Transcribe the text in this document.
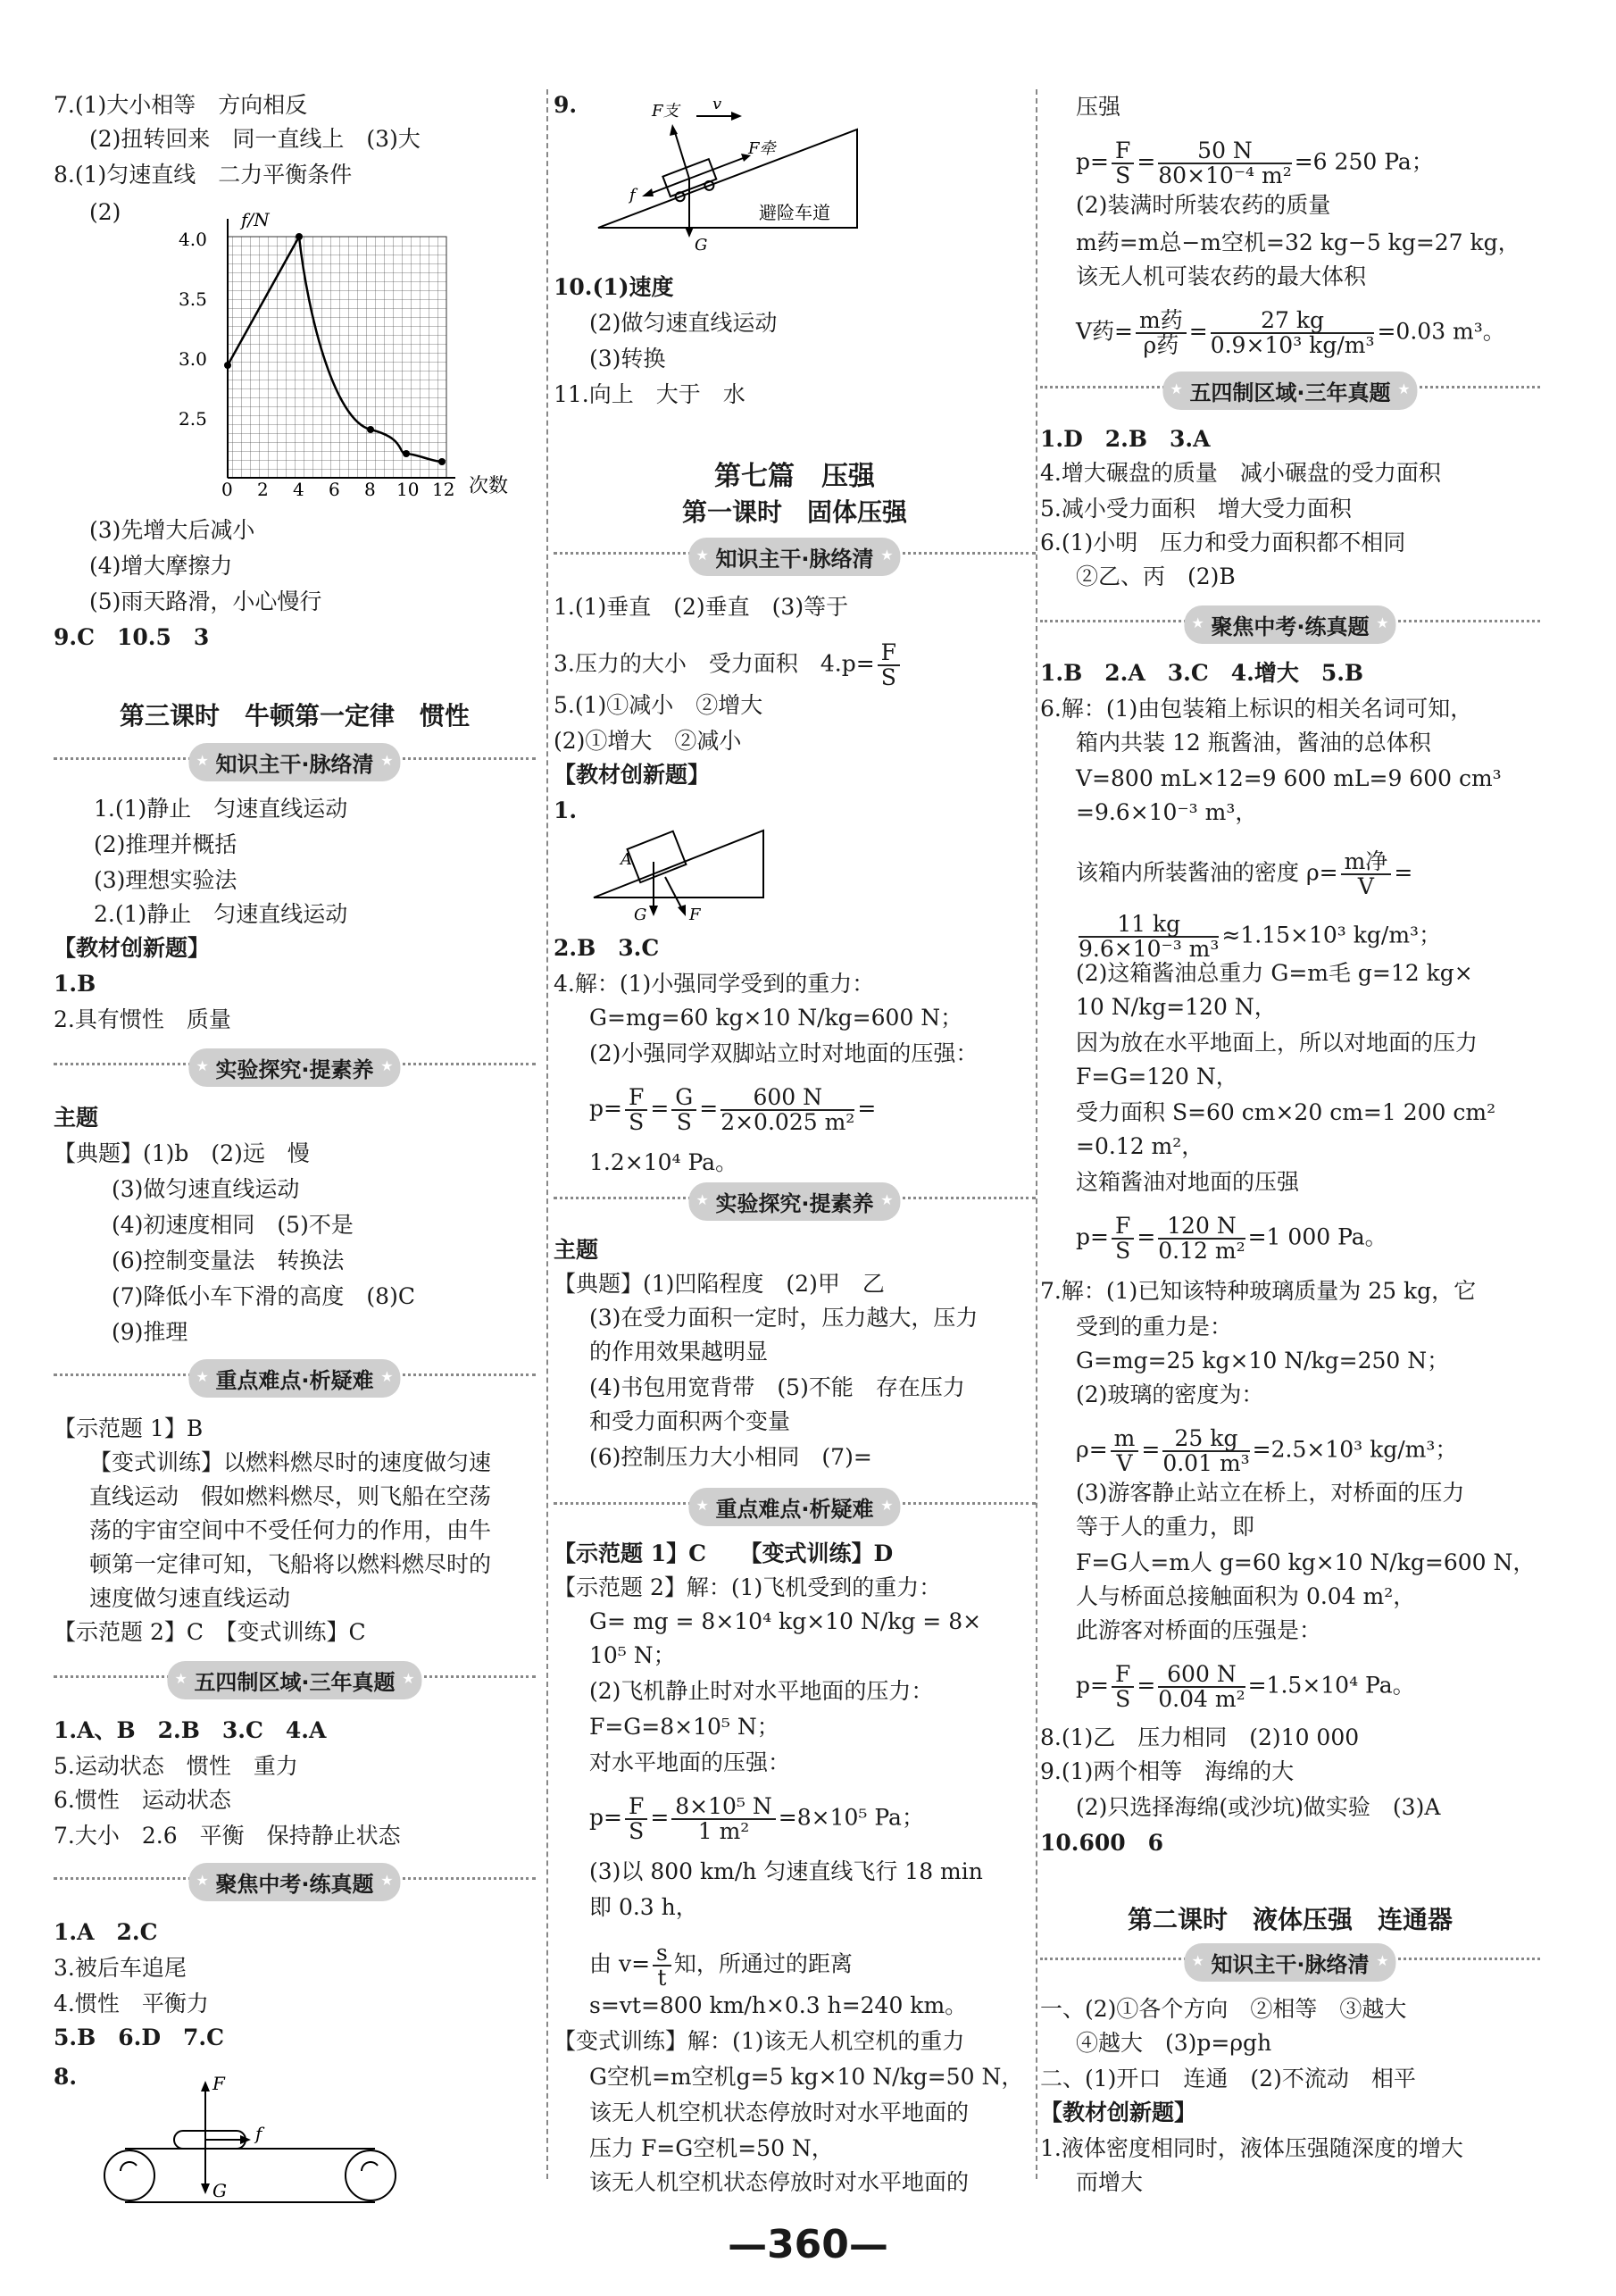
7.(1)大小相等　方向相反
(2)扭转回来　同一直线上　(3)大
8.(1)匀速直线　二力平衡条件
(2)	f/N
次数
4.0
3.5
3.0
2.5
0 2 4 6 8 10 12
(3)先增大后减小
(4)增大摩擦力
(5)雨天路滑，小心慢行
9.C　10.5　3
第三课时　牛顿第一定律　惯性
★ 知识主干·脉络清 ★
1.(1)静止　匀速直线运动
(2)推理并概括
(3)理想实验法
2.(1)静止　匀速直线运动
【教材创新题】
1.B
2.具有惯性　质量
★ 实验探究·提素养 ★
主题
【典题】(1)b　(2)远　慢
(3)做匀速直线运动
(4)初速度相同　(5)不是
(6)控制变量法　转换法
(7)降低小车下滑的高度　(8)C
(9)推理
★ 重点难点·析疑难 ★
【示范题 1】B
【变式训练】以燃料燃尽时的速度做匀速
直线运动　假如燃料燃尽，则飞船在空荡
荡的宇宙空间中不受任何力的作用，由牛
顿第一定律可知，飞船将以燃料燃尽时的
速度做匀速直线运动
【示范题 2】C　【变式训练】C
★ 五四制区域·三年真题 ★
1.A、B　2.B　3.C　4.A
5.运动状态　惯性　重力
6.惯性　运动状态
7.大小　2.6　平衡　保持静止状态
★ 聚焦中考·练真题 ★
1.A　2.C
3.被后车追尾
4.惯性　平衡力
5.B　6.D　7.C
8.	F
f
G
9.	F支 v
F牵
f
G
避险车道
10.(1)速度
(2)做匀速直线运动
(3)转换
11.向上　大于　水
第七篇　压强
第一课时　固体压强
★ 知识主干·脉络清 ★
1.(1)垂直　(2)垂直　(3)等于
3.压力的大小　受力面积　$4.p= \frac{F}{S}$
5.(1)①减小　②增大
(2)①增大　②减小
【教材创新题】
1.
A
G	F
2.B　3.C
4.解：(1)小强同学受到的重力：
G=mg=60 kg×10 N/kg=600 N；
(2)小强同学双脚站立时对地面的压强：
$p= \frac{F}{S} = \frac{G}{S} = \frac{600 N}{\text{2×0.025 m²}}$ =
1.2×10⁴ Pa。
★ 实验探究·提素养 ★
主题
【典题】(1)凹陷程度　(2)甲　乙
(3)在受力面积一定时，压力越大，压力
的作用效果越明显
(4)书包用宽背带　(5)不能　存在压力
和受力面积两个变量
(6)控制压力大小相同　(7)=
★ 重点难点·析疑难 ★
【示范题 1】C　　【变式训练】D
【示范题 2】解：(1)飞机受到的重力：
G= mg = 8×10⁴ kg×10 N/kg = 8×
10⁵ N；
(2)飞机静止时对水平地面的压力：
F=G=8×10⁵ N；
对水平地面的压强：
$p= \frac{F}{S} = \frac{\text{8×10⁵ N}}{\text{1 m²}} =8\times 10^5$ Pa；
(3)以 800 km/h 匀速直线飞行 18 min
即 0.3 h，
由 $v= \frac{s}{t}$ 知，所通过的距离
s=vt=800 km/h×0.3 h=240 km。
【变式训练】解：(1)该无人机空机的重力
G空机=m空机g=5 kg×10 N/kg=50 N，
该无人机空机状态停放时对水平地面的
压力 F=G空机=50 N，
该无人机空机状态停放时对水平地面的
压强
$p= \frac{F}{S} = \frac{50 N}{\text{80×10⁻⁴ m²}} =6$ 250 Pa；
(2)装满时所装农药的质量
m药=m总−m空机=32 kg−5 kg=27 kg，
该无人机可装农药的最大体积
V药= m药
ρ药
= $\frac{27 kg}{\text{0.9×10³ kg/m³}} =0.03$ m³。
★ 五四制区域·三年真题 ★
1.D　2.B　3.A
4.增大碾盘的质量　减小碾盘的受力面积
5.减小受力面积　增大受力面积
6.(1)小明　压力和受力面积都不相同
②乙、丙　(2)B
★ 聚焦中考·练真题 ★
1.B　2.A　3.C　4.增大　5.B
6.解：(1)由包装箱上标识的相关名词可知，
箱内共装 12 瓶酱油，酱油的总体积
V=800 mL×12=9 600 mL=9 600 cm³
=9.6×10⁻³ m³，
该箱内所装酱油的密度 ρ= m净
V
=
$\frac{11 kg}{\text{9.6×10⁻³ m³}} \approx 1.15\times 10^3$ kg/m³；
(2)这箱酱油总重力 G=m毛 g=12 kg×
10 N/kg=120 N，
因为放在水平地面上，所以对地面的压力
F=G=120 N，
受力面积 S=60 cm×20 cm=1 200 cm²
=0.12 m²，
这箱酱油对地面的压强
$p= \frac{F}{S} = \frac{120 N}{\text{0.12 m²}} =1$ 000 Pa。
7.解：(1)已知该特种玻璃质量为 25 kg，它
受到的重力是：
G=mg=25 kg×10 N/kg=250 N；
(2)玻璃的密度为：
$\rho= \frac{m}{V} = \frac{25 kg}{\text{0.01 m³}} =2.5\times 10^3$ kg/m³；
(3)游客静止站立在桥上，对桥面的压力
等于人的重力，即
F=G人=m人 g=60 kg×10 N/kg=600 N，
人与桥面总接触面积为 0.04 m²，
此游客对桥面的压强是：
$p= \frac{F}{S} = \frac{600 N}{\text{0.04 m²}} =1.5\times 10^4$ Pa。
8.(1)乙　压力相同　(2)10 000
9.(1)两个相等　海绵的大
(2)只选择海绵(或沙坑)做实验　(3)A
10.600　6
第二课时　液体压强　连通器
★ 知识主干·脉络清 ★
一、(2)①各个方向　②相等　③越大
④越大　(3)p=ρgh
二、(1)开口　连通　(2)不流动　相平
【教材创新题】
1.液体密度相同时，液体压强随深度的增大
而增大
—360—
